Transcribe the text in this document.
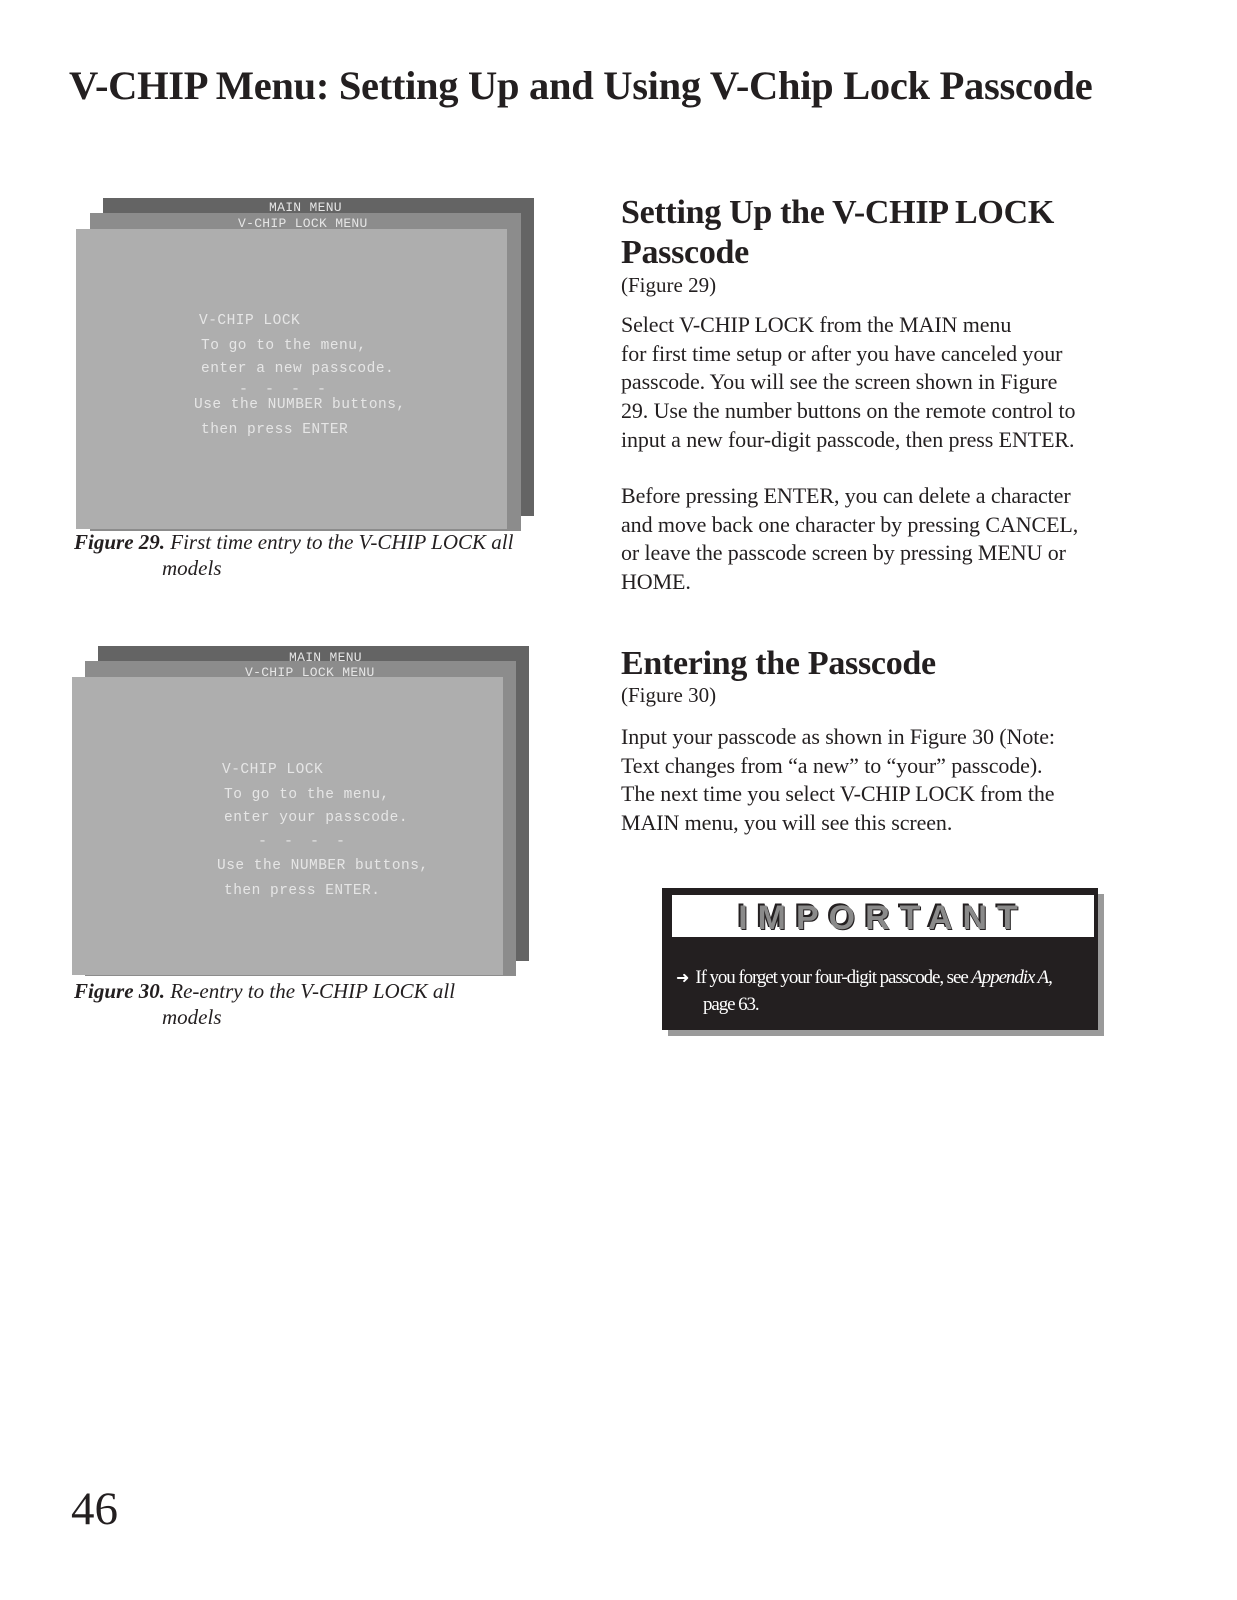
V-CHIP Menu: Setting Up and Using V-Chip Lock Passcode

MAIN MENU

V-CHIP LOCK MENU

V-CHIP LOCK

To go to the menu,

enter a new passcode.

- - - -

Use the NUMBER buttons,

then press ENTER

Figure 29. First time entry to the V-CHIP LOCK all
models

MAIN MENU

V-CHIP LOCK MENU

V-CHIP LOCK

To go to the menu,

enter your passcode.

- - - -

Use the NUMBER buttons,

then press ENTER.

Figure 30. Re-entry to the V-CHIP LOCK all
models

Setting Up the V-CHIP LOCK
Passcode

(Figure 29)

Select V-CHIP LOCK from the MAIN menu
for first time setup or after you have canceled your
passcode. You will see the screen shown in Figure
29. Use the number buttons on the remote control to
input a new four-digit passcode, then press ENTER.

Before pressing ENTER, you can delete a character
and move back one character by pressing CANCEL,
or leave the passcode screen by pressing MENU or
HOME.

Entering the Passcode

(Figure 30)

Input your passcode as shown in Figure 30 (Note:
Text changes from “a new” to “your” passcode).
The next time you select V-CHIP LOCK from the
MAIN menu, you will see this screen.

IMPORTANT

➜ If you forget your four-digit passcode, see Appendix A,
page 63.

46
